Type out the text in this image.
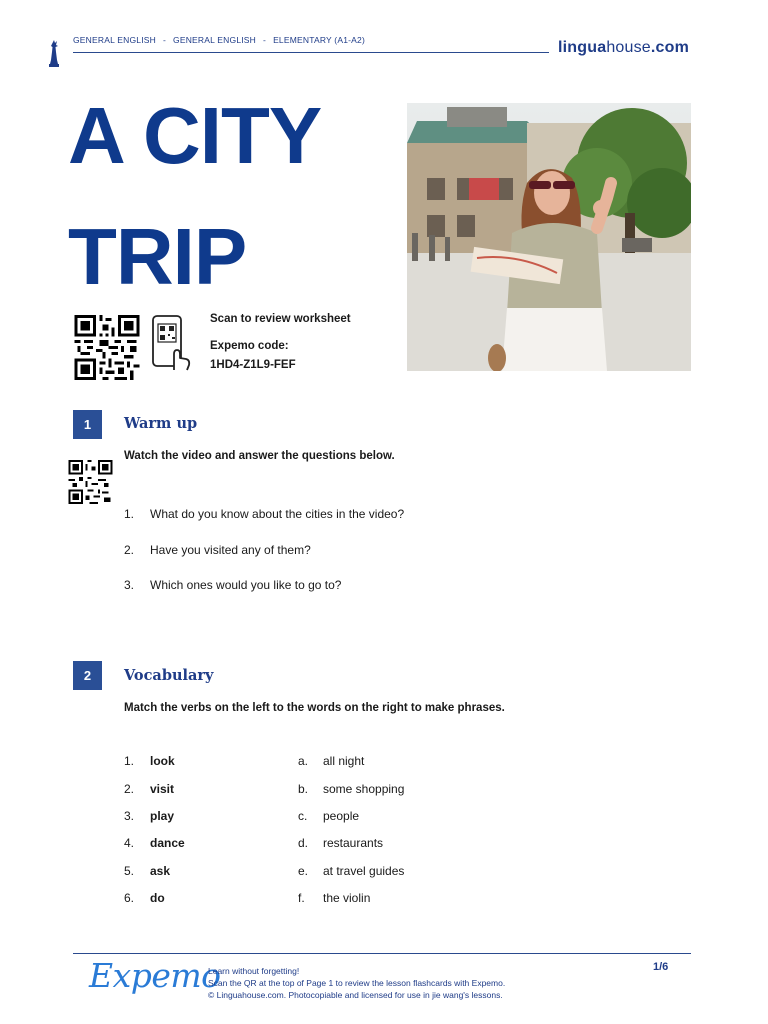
GENERAL ENGLISH - GENERAL ENGLISH - ELEMENTARY (A1-A2)	linguahouse.com
A CITY
TRIP
Scan to review worksheet
Expemo code:
1HD4-Z1L9-FEF
1	Warm up
Watch the video and answer the questions below.
1.	What do you know about the cities in the video?
2.	Have you visited any of them?
3.	Which ones would you like to go to?
2	Vocabulary
Match the verbs on the left to the words on the right to make phrases.
1. look	a. all night
2. visit	b. some shopping
3. play	c. people
4. dance	d. restaurants
5. ask	e. at travel guides
6. do	f. the violin
Expemo
Learn without forgetting!
Scan the QR at the top of Page 1 to review the lesson flashcards with Expemo.
© Linguahouse.com. Photocopiable and licensed for use in jie wang's lessons.
1/6
